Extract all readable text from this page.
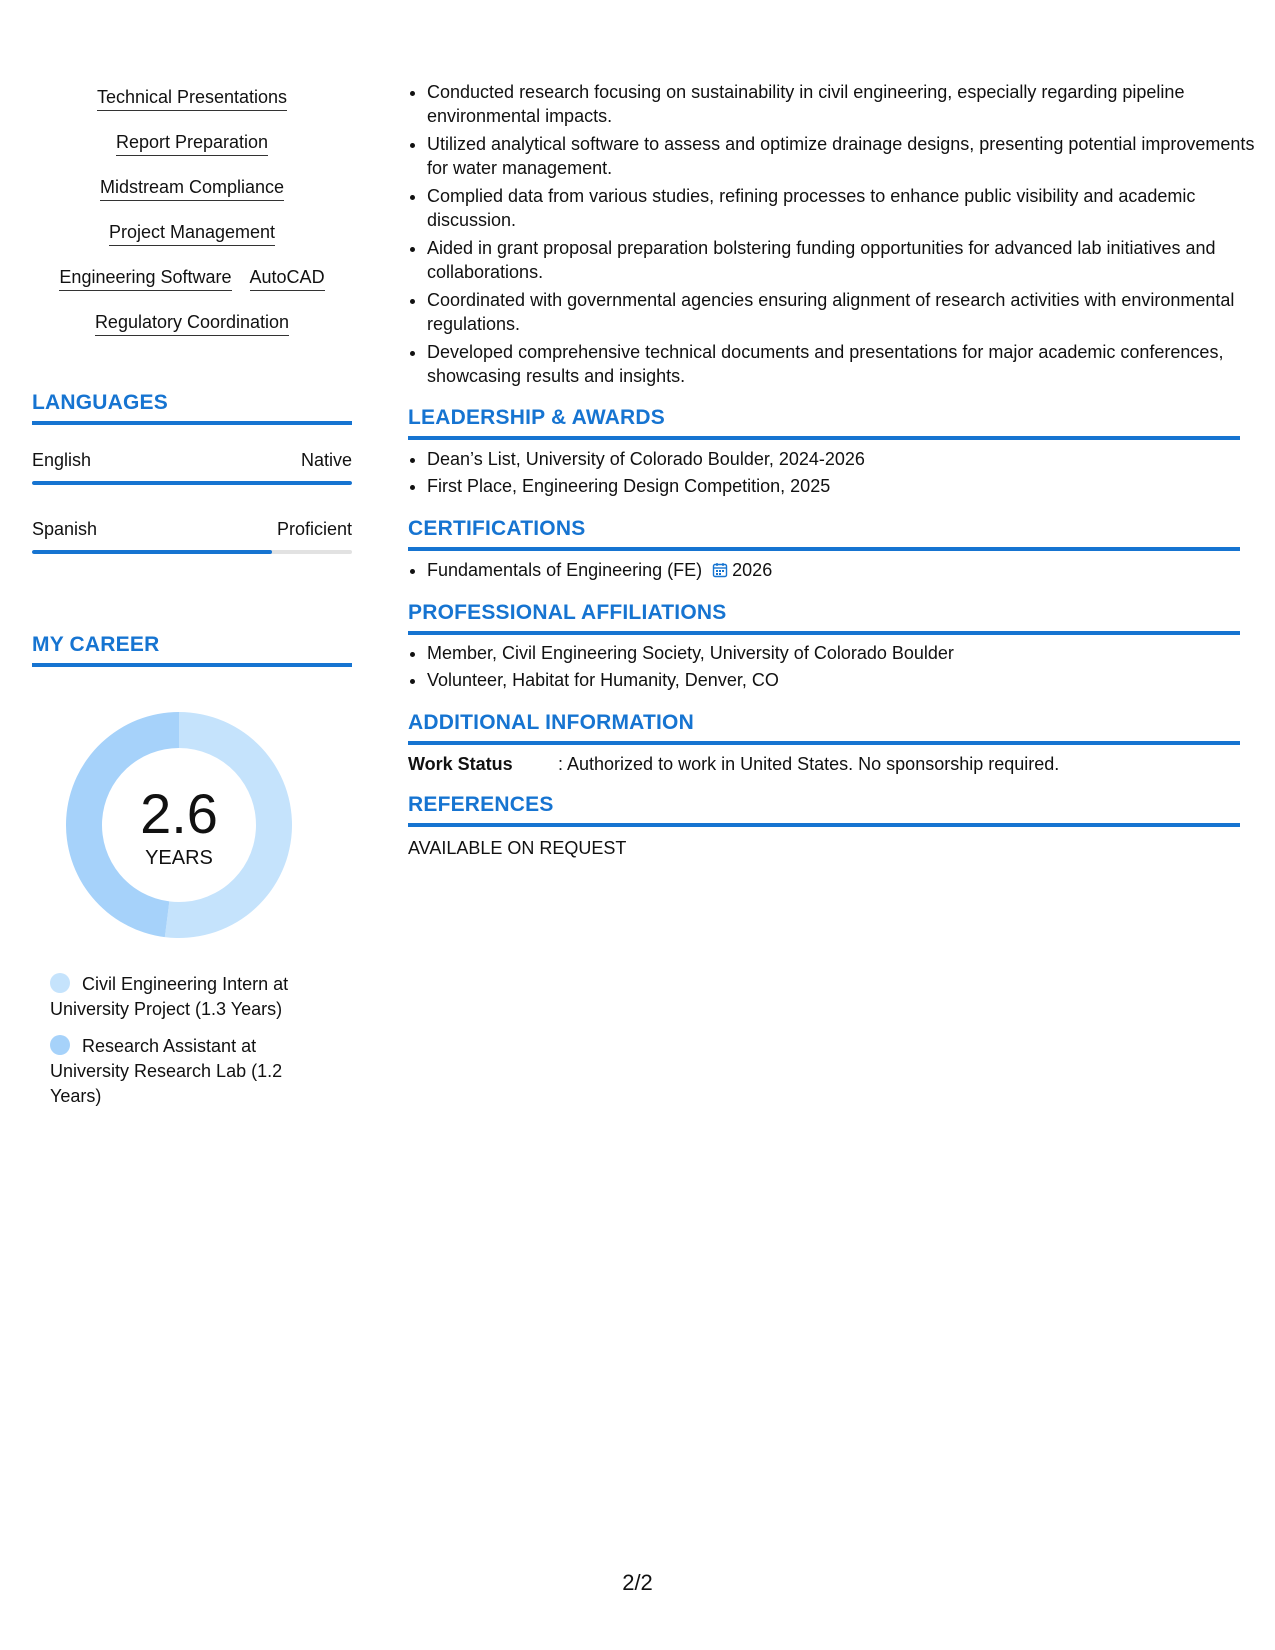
Technical Presentations
Report Preparation
Midstream Compliance
Project Management
Engineering Software AutoCAD
Regulatory Coordination
LANGUAGES
English	Native
Spanish	Proficient
MY CAREER
2.6
YEARS
Civil Engineering Intern at University Project (1.3 Years)
Research Assistant at University Research Lab (1.2 Years)
• Conducted research focusing on sustainability in civil engineering, especially regarding pipeline environmental impacts.
• Utilized analytical software to assess and optimize drainage designs, presenting potential improvements for water management.
• Complied data from various studies, refining processes to enhance public visibility and academic discussion.
• Aided in grant proposal preparation bolstering funding opportunities for advanced lab initiatives and collaborations.
• Coordinated with governmental agencies ensuring alignment of research activities with environmental regulations.
• Developed comprehensive technical documents and presentations for major academic conferences, showcasing results and insights.
LEADERSHIP & AWARDS
• Dean’s List, University of Colorado Boulder, 2024-2026
• First Place, Engineering Design Competition, 2025
CERTIFICATIONS
• Fundamentals of Engineering (FE) 2026
PROFESSIONAL AFFILIATIONS
• Member, Civil Engineering Society, University of Colorado Boulder
• Volunteer, Habitat for Humanity, Denver, CO
ADDITIONAL INFORMATION
Work Status	: Authorized to work in United States. No sponsorship required.
REFERENCES
AVAILABLE ON REQUEST
2/2
